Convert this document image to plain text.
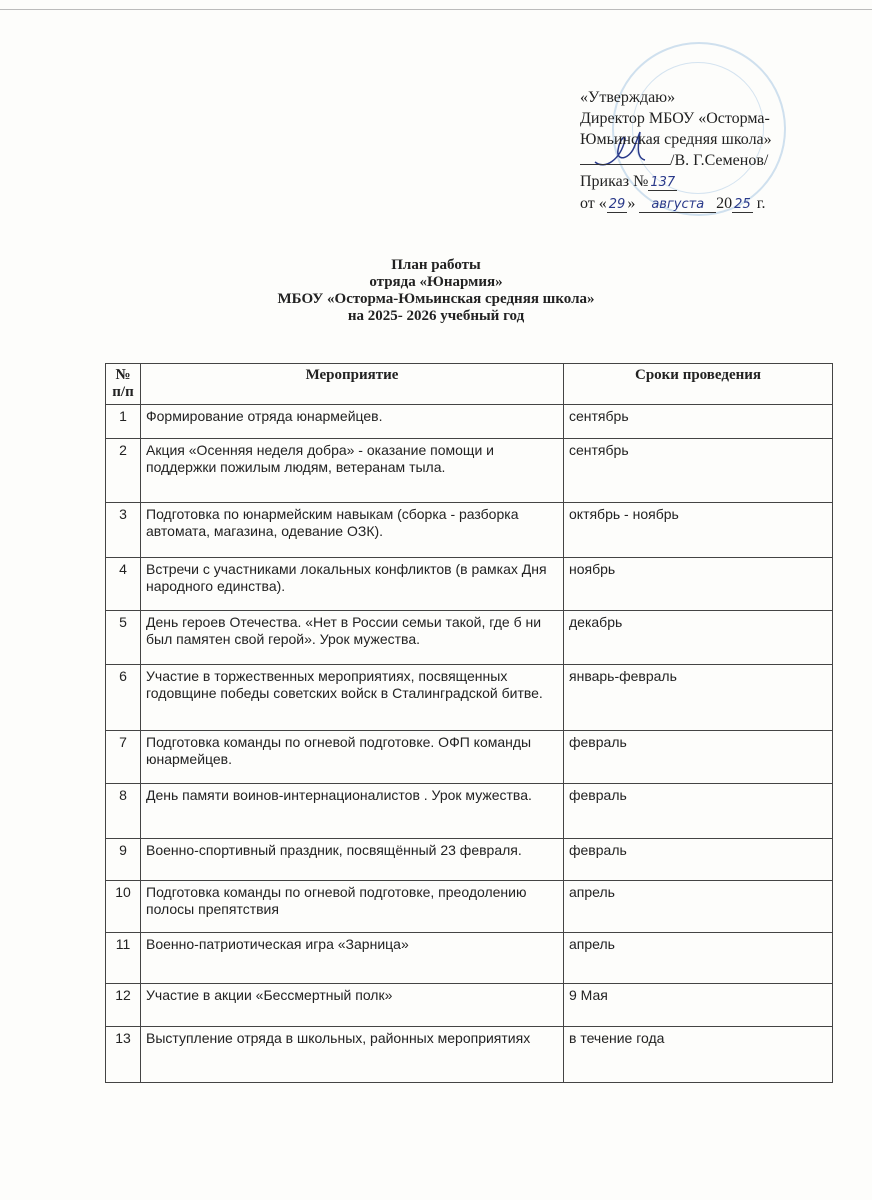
«Утверждаю»
Директор МБОУ «Осторма-
Юмьинская средняя школа»
/В. Г.Семенов/
Приказ № 137
от « 29 » августа 20 25 г.
План работы
отряда «Юнармия»
МБОУ «Осторма-Юмьинская средняя школа»
на 2025- 2026 учебный год
№ п/п	Мероприятие	Сроки проведения
1	Формирование отряда юнармейцев.	сентябрь
2	Акция «Осенняя неделя добра» - оказание помощи и поддержки пожилым людям, ветеранам тыла.	сентябрь
3	Подготовка по юнармейским навыкам (сборка - разборка автомата, магазина, одевание ОЗК).	октябрь - ноябрь
4	Встречи с участниками локальных конфликтов (в рамках Дня народного единства).	ноябрь
5	День героев Отечества. «Нет в России семьи такой, где б ни был памятен свой герой». Урок мужества.	декабрь
6	Участие в торжественных мероприятиях, посвященных годовщине победы советских войск в Сталинградской битве.	январь-февраль
7	Подготовка команды по огневой подготовке. ОФП команды юнармейцев.	февраль
8	День памяти воинов-интернационалистов . Урок мужества.	февраль
9	Военно-спортивный праздник, посвящённый 23 февраля.	февраль
10	Подготовка команды по огневой подготовке, преодолению полосы препятствия	апрель
11	Военно-патриотическая игра «Зарница»	апрель
12	Участие в акции «Бессмертный полк»	9 Мая
13	Выступление отряда в школьных, районных мероприятиях	в течение года
